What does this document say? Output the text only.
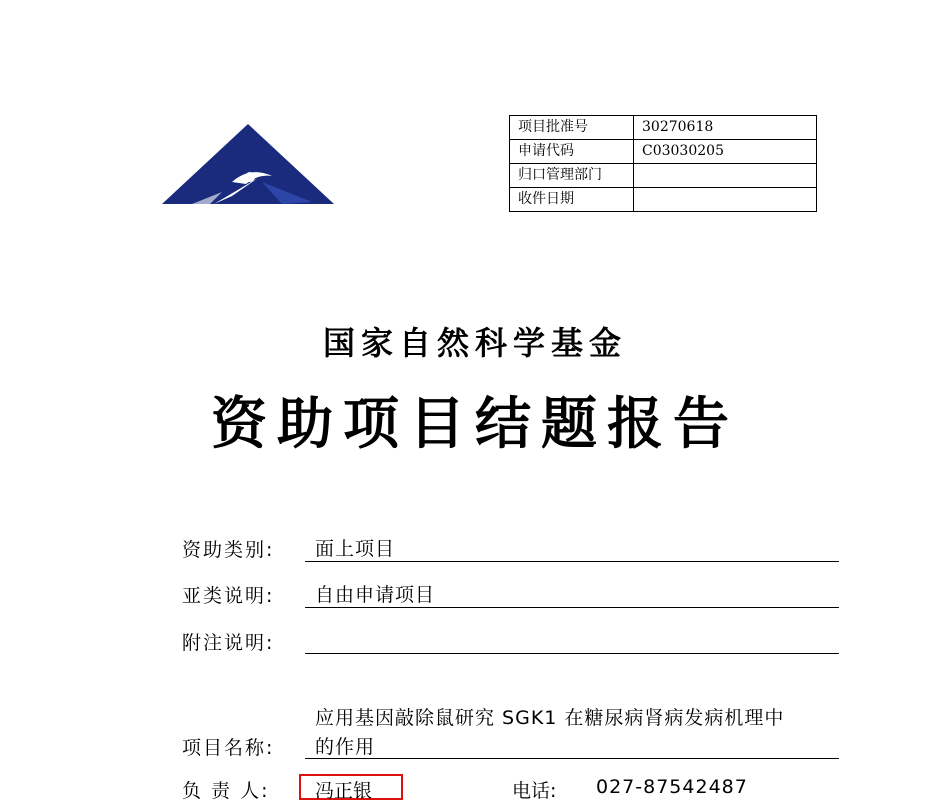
项目批准号	30270618
申请代码	C03030205
归口管理部门	
收件日期	
国家自然科学基金
资助项目结题报告
资助类别: 面上项目
亚类说明: 自由申请项目
附注说明:
项目名称:
应用基因敲除鼠研究 SGK1 在糖尿病肾病发病机理中
的作用
负 责 人: 冯正银	电话: 027-87542487
